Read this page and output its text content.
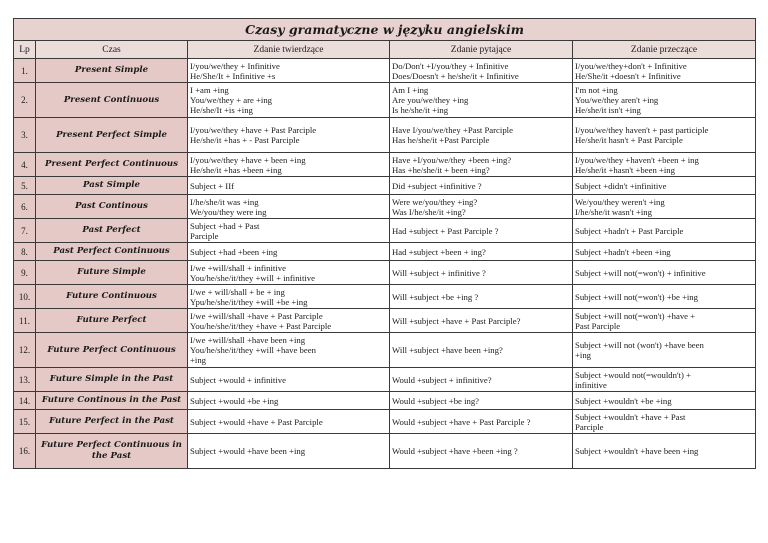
Czasy gramatyczne w języku angielskim				
Lp	Czas	Zdanie twierdzące	Zdanie pytające	Zdanie przeczące
1.	Present Simple	I/you/we/they + Infinitive
He/She/It + Infinitive +s	Do/Don't +I/you/they + Infinitive
Does/Doesn't + he/she/it + Infinitive	I/you/we/they+don't + Infinitive
He/She/it +doesn't + Infinitive

2.	Present Continuous	I +am +ing
You/we/they + are +ing
He/she/It +is +ing	Am I +ing
Are you/we/they +ing
Is he/she/it +ing	I'm not +ing
You/we/they aren't +ing
He/she/it isn't +ing

3.	Present Perfect Simple	I/you/we/they +have + Past Parciple
He/she/it +has + - Past Parciple	Have I/you/we/they +Past Parciple
Has he/she/it +Past Parciple	I/you/we/they haven't + past participle
He/she/it hasn't + Past Parciple

4.	Present Perfect Continuous	I/you/we/they +have + been +ing
He/she/it +has +been +ing	Have +I/you/we/they +been +ing?
Has +he/she/it + been +ing?	I/you/we/they +haven't +been + ing
He/she/it +hasn't +been +ing

5.	Past Simple	Subject + IIf	Did +subject +infinitive ?	Subject +didn't +infinitive

6.	Past Continous	I/he/she/it was +ing
We/you/they were ing	Were we/you/they +ing?
Was I/he/she/it +ing?	We/you/they weren't +ing
I/he/she/it wasn't +ing

7.	Past Perfect	Subject +had + Past
Parciple	Had +subject + Past Parciple ?	Subject +hadn't + Past Parciple

8.	Past Perfect Continuous	Subject +had +been +ing	Had +subject +been + ing?	Subject +hadn't +been +ing

9.	Future Simple	I/we +will/shall + infinitive
You/he/she/it/they +will + infinitive	Will +subject + infinitive ?	Subject +will not(=won't) + infinitive

10.	Future Continuous	I/we + will/shall + be + ing
Ypu/he/she/it/they +will +be +ing	Will +subject +be +ing ?	Subject +will not(=won't) +be +ing

11.	Future Perfect	I/we +will/shall +have + Past Parciple
You/he/she/it/they +have + Past Parciple	Will +subject +have + Past Parciple?	Subject +will not(=won't) +have +
Past Parciple

12.	Future Perfect Continuous	I/we +will/shall +have been +ing
You/he/she/it/they +will +have been
+ing	Will +subject +have been +ing?	Subject +will not (won't) +have been
+ing

13.	Future Simple in the Past	Subject +would + infinitive	Would +subject + infinitive?	Subject +would not(=wouldn't) +
infinitive

14.	Future Continous in the Past	Subject +would +be +ing	Would +subject +be ing?	Subject +wouldn't +be +ing

15.	Future Perfect in the Past	Subject +would +have + Past Parciple	Would +subject +have + Past Parciple ?	Subject +wouldn't +have + Past
Parciple

16.	Future Perfect Continuous in the Past	Subject +would +have been +ing	Would +subject +have +been +ing ?	Subject +wouldn't +have been +ing
